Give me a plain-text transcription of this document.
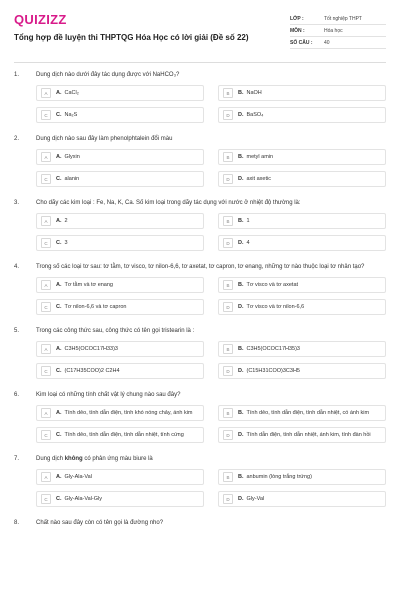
QUIZIZZ
Tổng hợp đề luyện thi THPTQG Hóa Học có lời giải (Đề số 22)
LỚP :	Tốt nghiệp THPT
MÔN :	Hóa học
SỐ CÂU :	40
1.	Dung dịch nào dưới đây tác dụng được với NaHCO₃?
A	A. CaCl₂	B	B. NaOH
C	C. Na₂S	D	D. BaSO₄
2.	Dung dịch nào sau đây làm phenolphtalein đổi màu
A	A. Glyxin	B	B. metyl amin
C	C. alanin	D	D. axit axetic
3.	Cho dãy các kim loại : Fe, Na, K, Ca. Số kim loại trong dãy tác dụng với nước ở nhiệt độ thường là:
A	A. 2	B	B. 1
C	C. 3	D	D. 4
4.	Trong số các loại tơ sau: tơ tằm, tơ visco, tơ nilon-6,6, tơ axetat, tơ capron, tơ enang, những tơ nào thuộc loại tơ nhân tạo?
A	A. Tơ tằm và tơ enang	B	B. Tơ visco và tơ axetat
C	C. Tơ nilon-6,6 và tơ capron	D	D. Tơ visco và tơ nilon-6,6
5.	Trong các công thức sau, công thức có tên gọi tristearin là :
A	A. C3H5(OCOC17H33)3	B	B. C3H5(OCOC17H35)3
C	C. (C17H35COO)2 C2H4	D	D. (C15H31COO)3C3H5
6.	Kim loại có những tính chất vật lý chung nào sau đây?
A	A. Tính dẻo, tính dẫn điện, tính khó nóng chảy, ánh kim	B	B. Tính dẻo, tính dẫn điện, tính dẫn nhiệt, có ánh kim
C	C. Tính dẻo, tính dẫn điện, tính dẫn nhiệt, tính cứng	D	D. Tính dẫn điện, tính dẫn nhiệt, ánh kim, tính đàn hồi
7.	Dung dịch không có phản ứng màu biure là
A	A. Gly-Ala-Val	B	B. anbumin (lòng trắng trứng)
C	C. Gly-Ala-Val-Gly	D	D. Gly-Val
8.	Chất nào sau đây còn có tên gọi là đường nho?
